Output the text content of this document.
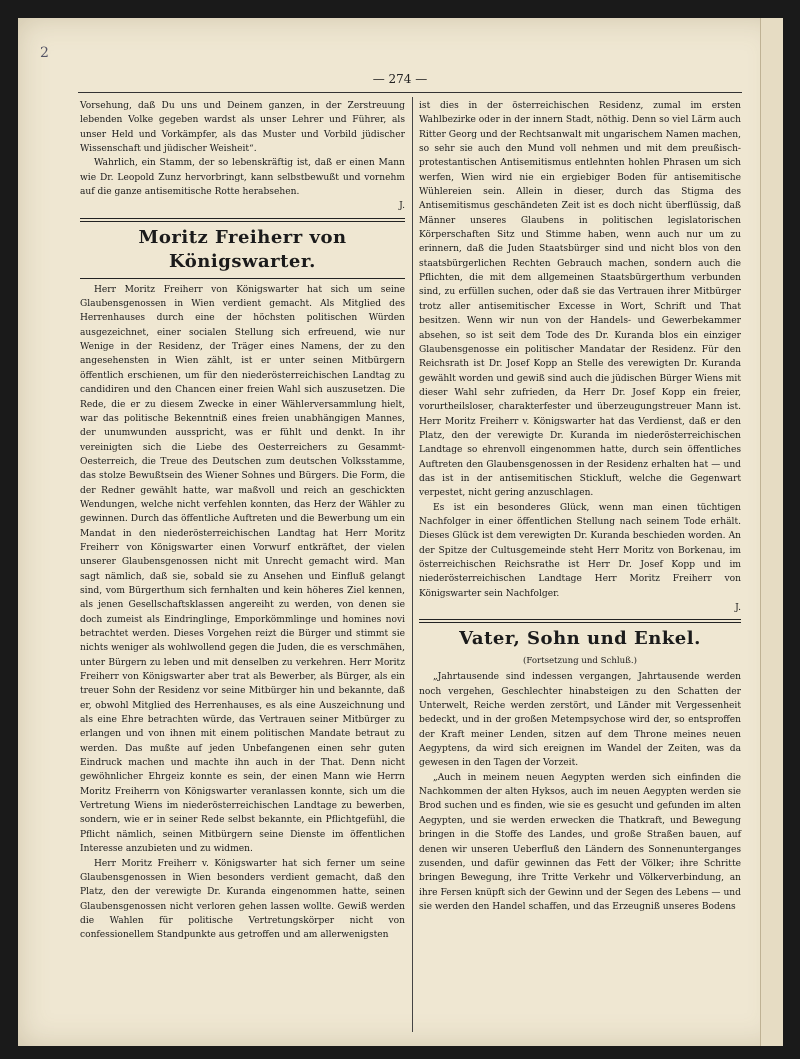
2
— 274 —

Vorsehung, daß Du uns und Deinem ganzen, in der Zerstreuung lebenden Volke gegeben wardst als unser Lehrer und Führer, als unser Held und Vorkämpfer, als das Muster und Vorbild jüdischer Wissenschaft und jüdischer Weisheit“.

Wahrlich, ein Stamm, der so lebenskräftig ist, daß er einen Mann wie Dr. Leopold Zunz hervorbringt, kann selbstbewußt und vornehm auf die ganze antisemitische Rotte herabsehen.

J.
Moritz Freiherr von Königswarter.

Herr Moritz Freiherr von Königswarter hat sich um seine Glaubensgenossen in Wien verdient gemacht. Als Mitglied des Herrenhauses durch eine der höchsten politischen Würden ausgezeichnet, einer socialen Stellung sich erfreuend, wie nur Wenige in der Residenz, der Träger eines Namens, der zu den angesehensten in Wien zählt, ist er unter seinen Mitbürgern öffentlich erschienen, um für den niederösterreichischen Landtag zu candidiren und den Chancen einer freien Wahl sich auszusetzen. Die Rede, die er zu diesem Zwecke in einer Wählerversammlung hielt, war das politische Bekenntniß eines freien unabhängigen Mannes, der unumwunden ausspricht, was er fühlt und denkt. In ihr vereinigten sich die Liebe des Oesterreichers zu Gesammt-Oesterreich, die Treue des Deutschen zum deutschen Volksstamme, das stolze Bewußtsein des Wiener Sohnes und Bürgers. Die Form, die der Redner gewählt hatte, war maßvoll und reich an geschickten Wendungen, welche nicht verfehlen konnten, das Herz der Wähler zu gewinnen. Durch das öffentliche Auftreten und die Bewerbung um ein Mandat in den niederösterreichischen Landtag hat Herr Moritz Freiherr von Königswarter einen Vorwurf entkräftet, der vielen unserer Glaubensgenossen nicht mit Unrecht gemacht wird. Man sagt nämlich, daß sie, sobald sie zu Ansehen und Einfluß gelangt sind, vom Bürgerthum sich fernhalten und kein höheres Ziel kennen, als jenen Gesellschaftsklassen angereiht zu werden, von denen sie doch zumeist als Eindringlinge, Emporkömmlinge und homines novi betrachtet werden. Dieses Vorgehen reizt die Bürger und stimmt sie nichts weniger als wohlwollend gegen die Juden, die es verschmähen, unter Bürgern zu leben und mit denselben zu verkehren. Herr Moritz Freiherr von Königswarter aber trat als Bewerber, als Bürger, als ein treuer Sohn der Residenz vor seine Mitbürger hin und bekannte, daß er, obwohl Mitglied des Herrenhauses, es als eine Auszeichnung und als eine Ehre betrachten würde, das Vertrauen seiner Mitbürger zu erlangen und von ihnen mit einem politischen Mandate betraut zu werden. Das mußte auf jeden Unbefangenen einen sehr guten Eindruck machen und machte ihn auch in der That. Denn nicht gewöhnlicher Ehrgeiz konnte es sein, der einen Mann wie Herrn Moritz Freiherrn von Königswarter veranlassen konnte, sich um die Vertretung Wiens im niederösterreichischen Landtage zu bewerben, sondern, wie er in seiner Rede selbst bekannte, ein Pflichtgefühl, die Pflicht nämlich, seinen Mitbürgern seine Dienste im öffentlichen Interesse anzubieten und zu widmen.

Herr Moritz Freiherr v. Königswarter hat sich ferner um seine Glaubensgenossen in Wien besonders verdient gemacht, daß den Platz, den der verewigte Dr. Kuranda eingenommen hatte, seinen Glaubensgenossen nicht verloren gehen lassen wollte. Gewiß werden die Wahlen für politische Vertretungskörper nicht von confessionellem Standpunkte aus getroffen und am allerwenigsten

ist dies in der österreichischen Residenz, zumal im ersten Wahlbezirke oder in der innern Stadt, nöthig. Denn so viel Lärm auch Ritter Georg und der Rechtsanwalt mit ungarischem Namen machen, so sehr sie auch den Mund voll nehmen und mit dem preußisch-protestantischen Antisemitismus entlehnten hohlen Phrasen um sich werfen, Wien wird nie ein ergiebiger Boden für antisemitische Wühlereien sein. Allein in dieser, durch das Stigma des Antisemitismus geschändeten Zeit ist es doch nicht überflüssig, daß Männer unseres Glaubens in politischen legislatorischen Körperschaften Sitz und Stimme haben, wenn auch nur um zu erinnern, daß die Juden Staatsbürger sind und nicht blos von den staatsbürgerlichen Rechten Gebrauch machen, sondern auch die Pflichten, die mit dem allgemeinen Staatsbürgerthum verbunden sind, zu erfüllen suchen, oder daß sie das Vertrauen ihrer Mitbürger trotz aller antisemitischer Excesse in Wort, Schrift und That besitzen. Wenn wir nun von der Handels- und Gewerbekammer absehen, so ist seit dem Tode des Dr. Kuranda blos ein einziger Glaubensgenosse ein politischer Mandatar der Residenz. Für den Reichsrath ist Dr. Josef Kopp an Stelle des verewigten Dr. Kuranda gewählt worden und gewiß sind auch die jüdischen Bürger Wiens mit dieser Wahl sehr zufrieden, da Herr Dr. Josef Kopp ein freier, vorurtheilsloser, charakterfester und überzeugungstreuer Mann ist. Herr Moritz Freiherr v. Königswarter hat das Verdienst, daß er den Platz, den der verewigte Dr. Kuranda im niederösterreichischen Landtage so ehrenvoll eingenommen hatte, durch sein öffentliches Auftreten den Glaubensgenossen in der Residenz erhalten hat — und das ist in der antisemitischen Stickluft, welche die Gegenwart verpestet, nicht gering anzuschlagen.

Es ist ein besonderes Glück, wenn man einen tüchtigen Nachfolger in einer öffentlichen Stellung nach seinem Tode erhält. Dieses Glück ist dem verewigten Dr. Kuranda beschieden worden. An der Spitze der Cultusgemeinde steht Herr Moritz von Borkenau, im österreichischen Reichsrathe ist Herr Dr. Josef Kopp und im niederösterreichischen Landtage Herr Moritz Freiherr von Königswarter sein Nachfolger.

J.
Vater, Sohn und Enkel.
(Fortsetzung und Schluß.)

„Jahrtausende sind indessen vergangen, Jahrtausende werden noch vergehen, Geschlechter hinabsteigen zu den Schatten der Unterwelt, Reiche werden zerstört, und Länder mit Vergessenheit bedeckt, und in der großen Metempsychose wird der, so entsproffen der Kraft meiner Lenden, sitzen auf dem Throne meines neuen Aegyptens, da wird sich ereignen im Wandel der Zeiten, was da gewesen in den Tagen der Vorzeit.

„Auch in meinem neuen Aegypten werden sich einfinden die Nachkommen der alten Hyksos, auch im neuen Aegypten werden sie Brod suchen und es finden, wie sie es gesucht und gefunden im alten Aegypten, und sie werden erwecken die Thatkraft, und Bewegung bringen in die Stoffe des Landes, und große Straßen bauen, auf denen wir unseren Ueberfluß den Ländern des Sonnenunterganges zusenden, und dafür gewinnen das Fett der Völker; ihre Schritte bringen Bewegung, ihre Tritte Verkehr und Völkerverbindung, an ihre Fersen knüpft sich der Gewinn und der Segen des Lebens — und sie werden den Handel schaffen, und das Erzeugniß unseres Bodens
